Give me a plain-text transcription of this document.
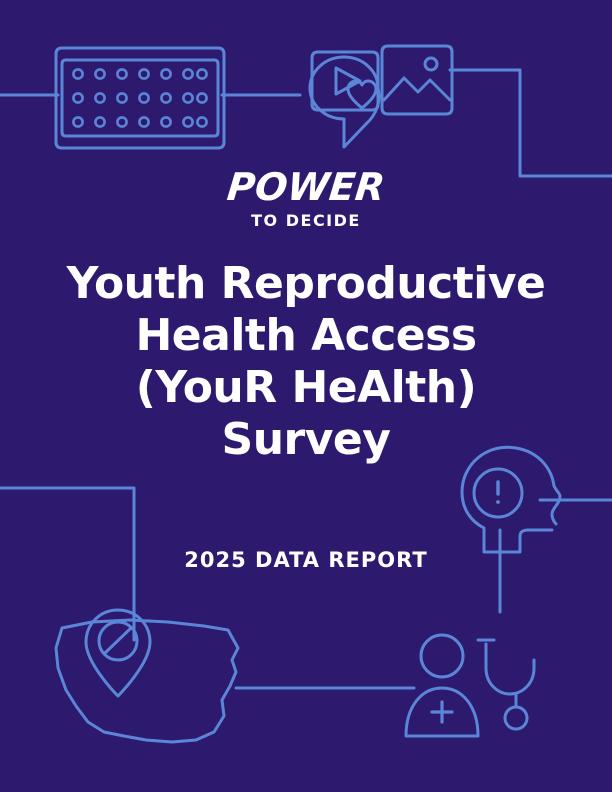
POWER
TO DECIDE
Youth Reproductive
Health Access
(YouR HeAlth)
Survey
2025 DATA REPORT
